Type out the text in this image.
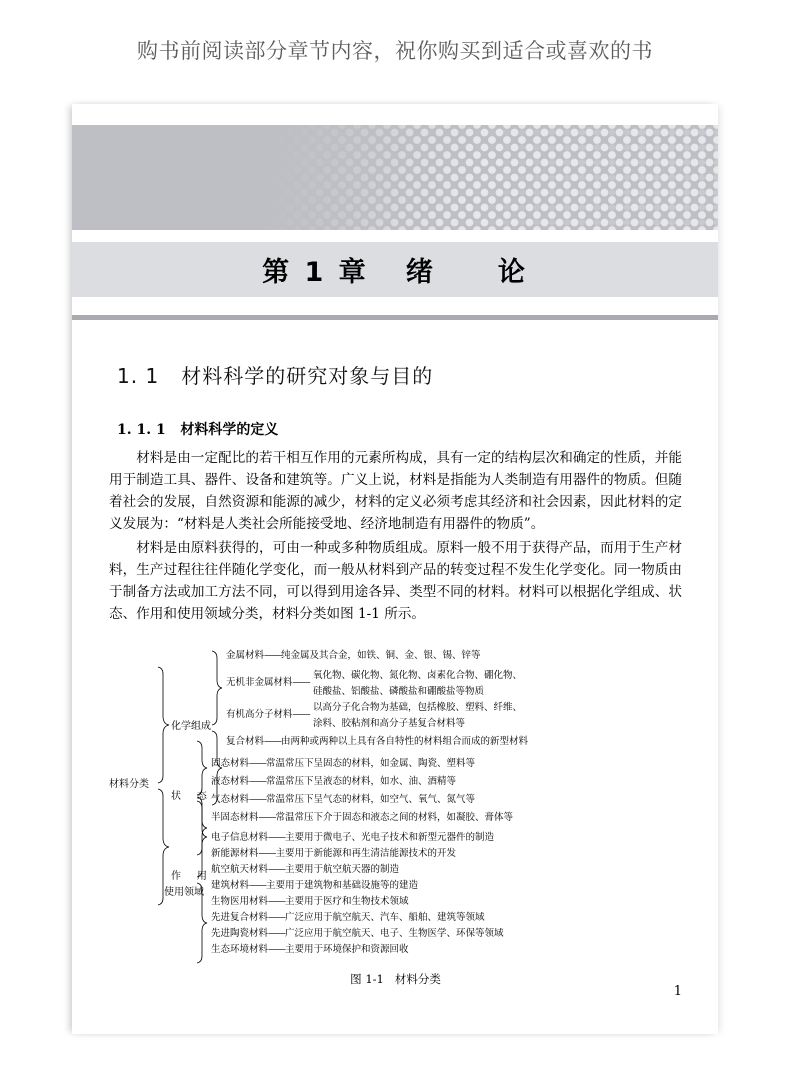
购书前阅读部分章节内容，祝你购买到适合或喜欢的书
第 1 章   绪     论
1. 1   材料科学的研究对象与目的
1. 1. 1   材料科学的定义

材料是由一定配比的若干相互作用的元素所构成，具有一定的结构层次和确定的性质，并能用于制造工具、器件、设备和建筑等。广义上说，材料是指能为人类制造有用器件的物质。但随着社会的发展，自然资源和能源的减少，材料的定义必须考虑其经济和社会因素，因此材料的定义发展为：“材料是人类社会所能接受地、经济地制造有用器件的物质”。

材料是由原料获得的，可由一种或多种物质组成。原料一般不用于获得产品，而用于生产材料，生产过程往往伴随化学变化，而一般从材料到产品的转变过程不发生化学变化。同一物质由于制备方法或加工方法不同，可以得到用途各异、类型不同的材料。材料可以根据化学组成、状态、作用和使用领域分类，材料分类如图 1-1 所示。

材料分类
化学组成
金属材料——纯金属及其合金，如铁、铜、金、银、锡、锌等
无机非金属材料——
氧化物、碳化物、氮化物、卤素化合物、硼化物、
硅酸盐、铝酸盐、磷酸盐和硼酸盐等物质
有机高分子材料——
以高分子化合物为基础，包括橡胶、塑料、纤维、
涂料、胶粘剂和高分子基复合材料等
复合材料——由两种或两种以上具有各自特性的材料组合而成的新型材料
状     态
固态材料——常温常压下呈固态的材料，如金属、陶瓷、塑料等
液态材料——常温常压下呈液态的材料，如水、油、酒精等
气态材料——常温常压下呈气态的材料，如空气、氧气、氮气等
半固态材料——常温常压下介于固态和液态之间的材料，如凝胶、膏体等
作     用
使用领域
电子信息材料——主要用于微电子、光电子技术和新型元器件的制造
新能源材料——主要用于新能源和再生清洁能源技术的开发
航空航天材料——主要用于航空航天器的制造
建筑材料——主要用于建筑物和基础设施等的建造
生物医用材料——主要用于医疗和生物技术领域
先进复合材料——广泛应用于航空航天、汽车、船舶、建筑等领域
先进陶瓷材料——广泛应用于航空航天、电子、生物医学、环保等领域
生态环境材料——主要用于环境保护和资源回收
图 1-1   材料分类
1
